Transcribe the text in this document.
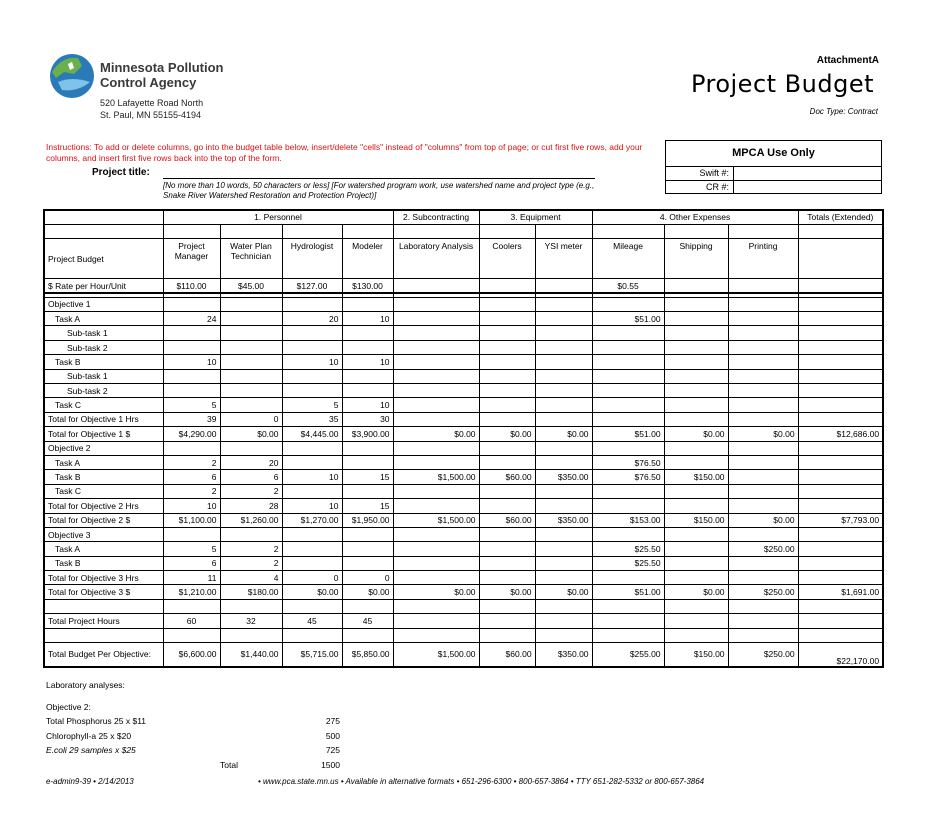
Minnesota Pollution
Control Agency
520 Lafayette Road North
St. Paul, MN 55155-4194
AttachmentA
Project Budget
Doc Type: Contract
Instructions: To add or delete columns, go into the budget table below, insert/delete "cells" instead of "columns" from top of page; or cut first five rows, add your columns, and insert first five rows back into the top of the form.
Project title:
[No more than 10 words, 50 characters or less] [For watershed program work, use watershed name and project type (e.g., Snake River Watershed Restoration and Protection Project)]
MPCA Use Only
Swift #:
CR #:
	1. Personnel				2. Subcontracting	3. Equipment		4. Other Expenses			Totals (Extended)

Project Budget	Project Manager	Water Plan Technician	Hydrologist	Modeler	Laboratory Analysis	Coolers	YSI meter	Mileage	Shipping	Printing	
$ Rate per Hour/Unit	$110.00	$45.00	$127.00	$130.00				$0.55			

Objective 1											
Task A	24		20	10				$51.00			
Sub-task 1											
Sub-task 2											
Task B	10		10	10							
Sub-task 1											
Sub-task 2											
Task C	5		5	10							
Total for Objective 1 Hrs	39	0	35	30							
Total for Objective 1 $	$4,290.00	$0.00	$4,445.00	$3,900.00	$0.00	$0.00	$0.00	$51.00	$0.00	$0.00	$12,686.00
Objective 2											
Task A	2	20						$76.50			
Task B	6	6	10	15	$1,500.00	$60.00	$350.00	$76.50	$150.00		
Task C	2	2									
Total for Objective 2 Hrs	10	28	10	15							
Total for Objective 2 $	$1,100.00	$1,260.00	$1,270.00	$1,950.00	$1,500.00	$60.00	$350.00	$153.00	$150.00	$0.00	$7,793.00
Objective 3											
Task A	5	2						$25.50		$250.00	
Task B	6	2						$25.50			
Total for Objective 3 Hrs	11	4	0	0							
Total for Objective 3 $	$1,210.00	$180.00	$0.00	$0.00	$0.00	$0.00	$0.00	$51.00	$0.00	$250.00	$1,691.00

Total Project Hours	60	32	45	45							

Total Budget Per Objective:	$6,600.00	$1,440.00	$5,715.00	$5,850.00	$1,500.00	$60.00	$350.00	$255.00	$150.00	$250.00	$22,170.00
Laboratory analyses:
Objective 2:
Total Phosphorus 25 x $11	275
Chlorophyll-a 25 x $20	500
E.coli 29 samples x $25	725
Total	1500
e-admin9-39 • 2/14/2013	• www.pca.state.mn.us • Available in alternative formats • 651-296-6300 • 800-657-3864 • TTY 651-282-5332 or 800-657-3864
